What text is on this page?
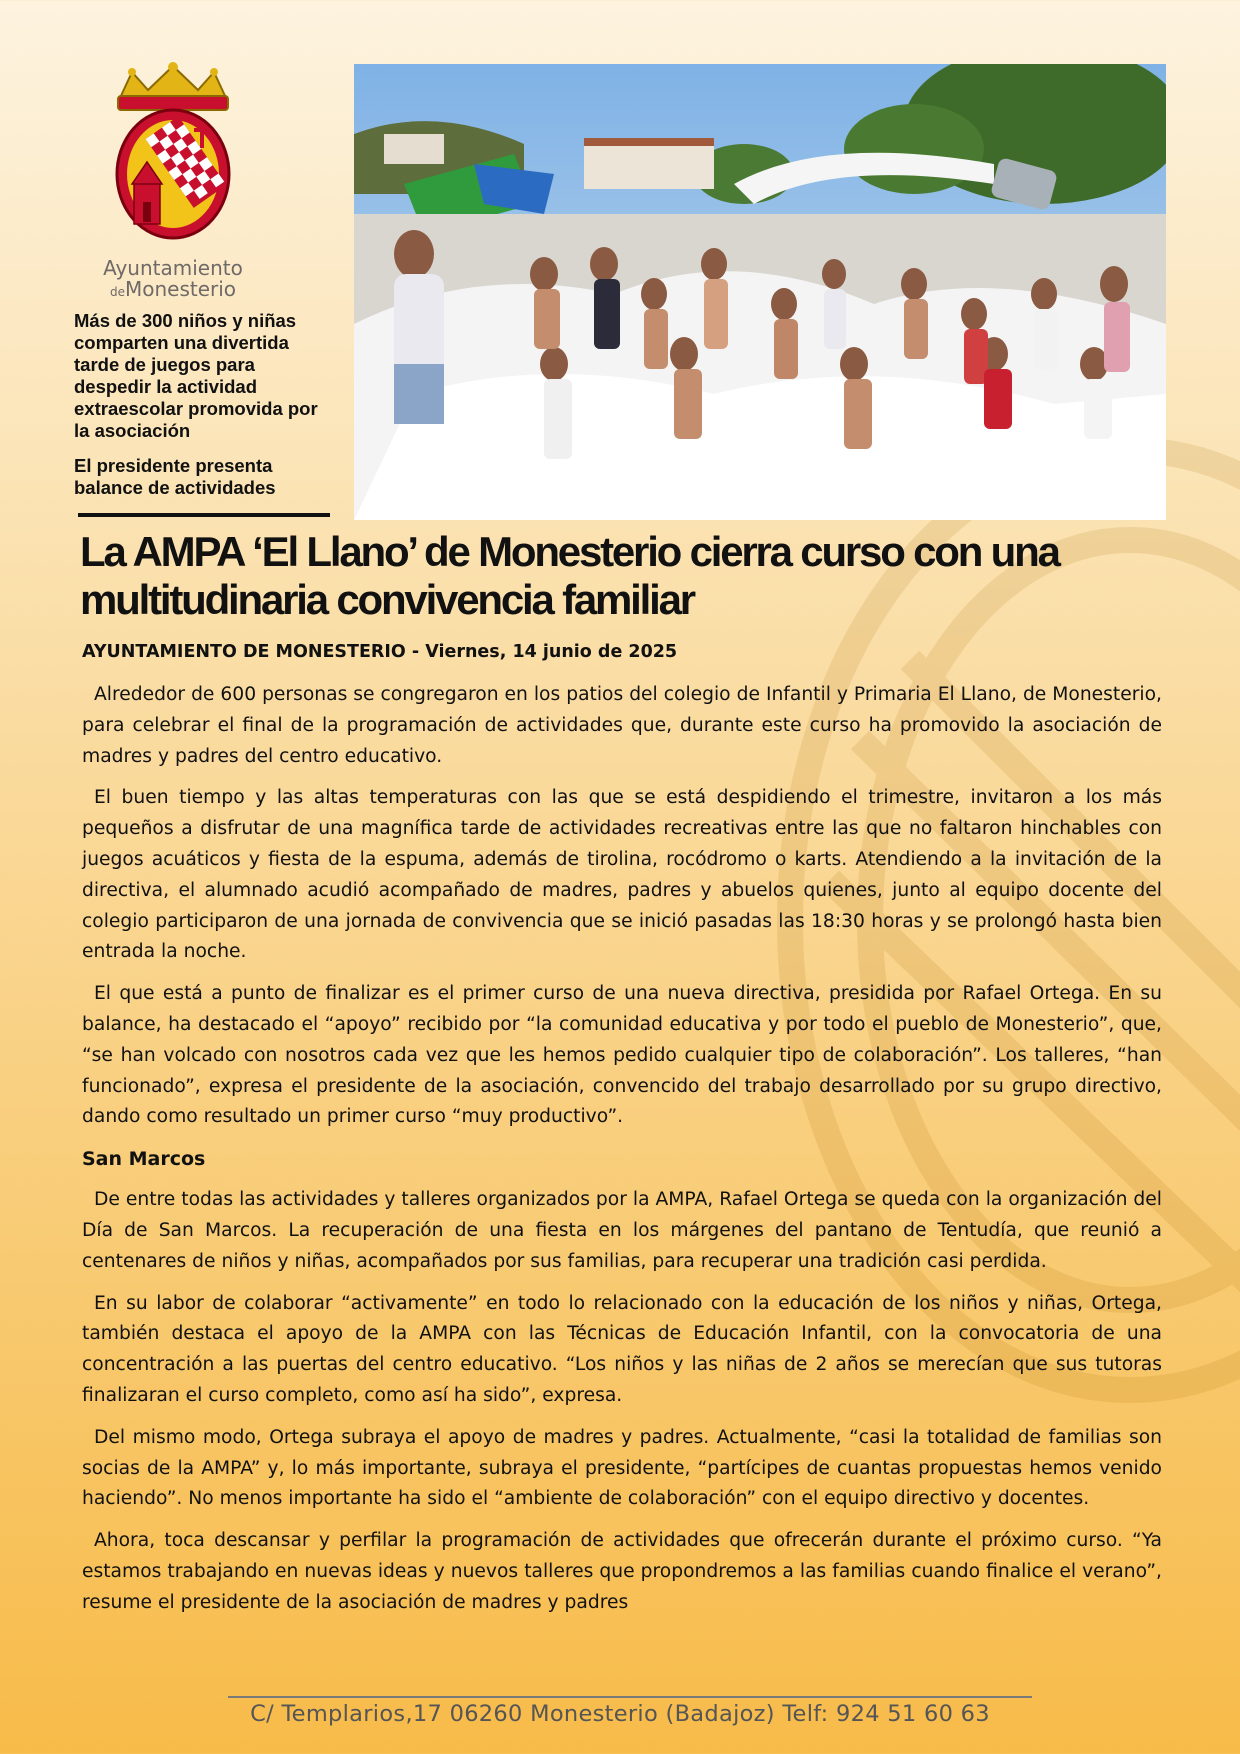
Ayuntamiento
deMonesterio

Más de 300 niños y niñas comparten una divertida tarde de juegos para despedir la actividad extraescolar promovida por la asociación

El presidente presenta balance de actividades

La AMPA ‘El Llano’ de Monesterio cierra curso con una multitudinaria convivencia familiar

AYUNTAMIENTO DE MONESTERIO - Viernes, 14 junio de 2025

Alrededor de 600 personas se congregaron en los patios del colegio de Infantil y Primaria El Llano, de Monesterio, para celebrar el final de la programación de actividades que, durante este curso ha promovido la asociación de madres y padres del centro educativo.

El buen tiempo y las altas temperaturas con las que se está despidiendo el trimestre, invitaron a los más pequeños a disfrutar de una magnífica tarde de actividades recreativas entre las que no faltaron hinchables con juegos acuáticos y fiesta de la espuma, además de tirolina, rocódromo o karts. Atendiendo a la invitación de la directiva, el alumnado acudió acompañado de madres, padres y abuelos quienes, junto al equipo docente del colegio participaron de una jornada de convivencia que se inició pasadas las 18:30 horas y se prolongó hasta bien entrada la noche.

El que está a punto de finalizar es el primer curso de una nueva directiva, presidida por Rafael Ortega. En su balance, ha destacado el “apoyo” recibido por “la comunidad educativa y por todo el pueblo de Monesterio”, que, “se han volcado con nosotros cada vez que les hemos pedido cualquier tipo de colaboración”. Los talleres, “han funcionado”, expresa el presidente de la asociación, convencido del trabajo desarrollado por su grupo directivo, dando como resultado un primer curso “muy productivo”.

San Marcos

De entre todas las actividades y talleres organizados por la AMPA, Rafael Ortega se queda con la organización del Día de San Marcos. La recuperación de una fiesta en los márgenes del pantano de Tentudía, que reunió a centenares de niños y niñas, acompañados por sus familias, para recuperar una tradición casi perdida.

En su labor de colaborar “activamente” en todo lo relacionado con la educación de los niños y niñas, Ortega, también destaca el apoyo de la AMPA con las Técnicas de Educación Infantil, con la convocatoria de una concentración a las puertas del centro educativo. “Los niños y las niñas de 2 años se merecían que sus tutoras finalizaran el curso completo, como así ha sido”, expresa.

Del mismo modo, Ortega subraya el apoyo de madres y padres. Actualmente, “casi la totalidad de familias son socias de la AMPA” y, lo más importante, subraya el presidente, “partícipes de cuantas propuestas hemos venido haciendo”. No menos importante ha sido el “ambiente de colaboración” con el equipo directivo y docentes.

Ahora, toca descansar y perfilar la programación de actividades que ofrecerán durante el próximo curso. “Ya estamos trabajando en nuevas ideas y nuevos talleres que propondremos a las familias cuando finalice el verano”, resume el presidente de la asociación de madres y padres

C/ Templarios,17 06260 Monesterio (Badajoz) Telf: 924 51 60 63
